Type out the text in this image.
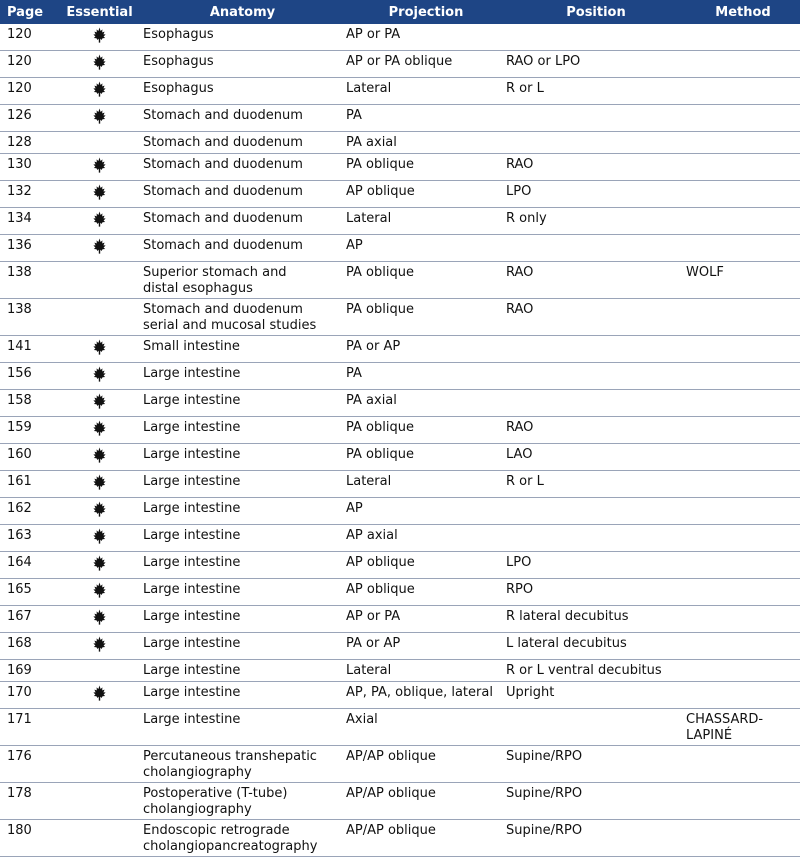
Page	Essential	Anatomy	Projection	Position	Method
120		Esophagus	AP or PA		
120		Esophagus	AP or PA oblique	RAO or LPO	
120		Esophagus	Lateral	R or L	
126		Stomach and duodenum	PA		
128		Stomach and duodenum	PA axial		
130		Stomach and duodenum	PA oblique	RAO	
132		Stomach and duodenum	AP oblique	LPO	
134		Stomach and duodenum	Lateral	R only	
136		Stomach and duodenum	AP		
138		Superior stomach and
distal esophagus	PA oblique	RAO	WOLF
138		Stomach and duodenum
serial and mucosal studies	PA oblique	RAO	
141		Small intestine	PA or AP		
156		Large intestine	PA		
158		Large intestine	PA axial		
159		Large intestine	PA oblique	RAO	
160		Large intestine	PA oblique	LAO	
161		Large intestine	Lateral	R or L	
162		Large intestine	AP		
163		Large intestine	AP axial		
164		Large intestine	AP oblique	LPO	
165		Large intestine	AP oblique	RPO	
167		Large intestine	AP or PA	R lateral decubitus	
168		Large intestine	PA or AP	L lateral decubitus	
169		Large intestine	Lateral	R or L ventral decubitus	
170		Large intestine	AP, PA, oblique, lateral	Upright	
171		Large intestine	Axial		CHASSARD-
LAPINÉ
176		Percutaneous transhepatic
cholangiography	AP/AP oblique	Supine/RPO	
178		Postoperative (T-tube)
cholangiography	AP/AP oblique	Supine/RPO	
180		Endoscopic retrograde
cholangiopancreatography	AP/AP oblique	Supine/RPO	
